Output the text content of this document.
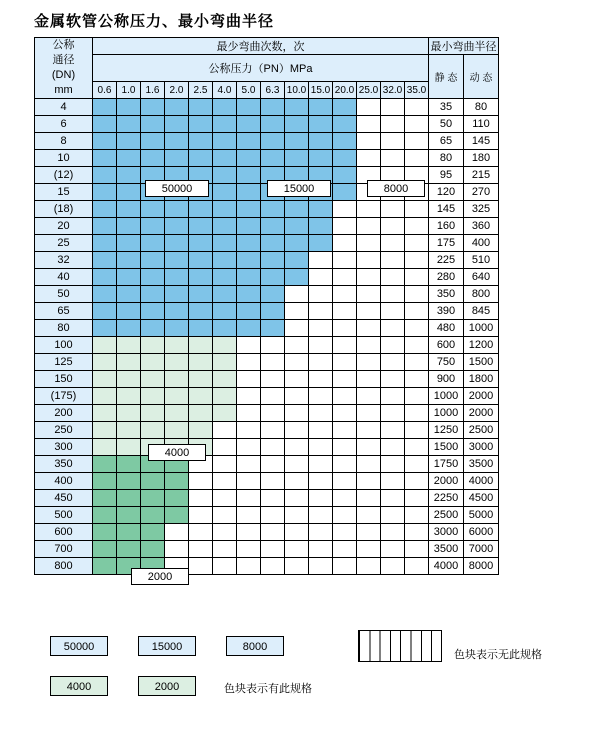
金属软管公称压力、最小弯曲半径
公称
通径
(DN)
mm	最少弯曲次数，次														最小弯曲半径	
	公称压力（PN）MPa														静 态	动 态
	0.6	1.0	1.6	2.0	2.5	4.0	5.0	6.3	10.0	15.0	20.0	25.0	32.0	35.0		
4															35	80
6															50	110
8															65	145
10															80	180
(12)															95	215
15															120	270
(18)															145	325
20															160	360
25															175	400
32															225	510
40															280	640
50															350	800
65															390	845
80															480	1000
100															600	1200
125															750	1500
150															900	1800
(175)															1000	2000
200															1000	2000
250															1250	2500
300															1500	3000
350															1750	3500
400															2000	4000
450															2250	4500
500															2500	5000
600															3000	6000
700															3500	7000
800															4000	8000
50000	15000	8000
4000
2000
50000	15000	8000
色块表示无此规格
4000	2000	色块表示有此规格
